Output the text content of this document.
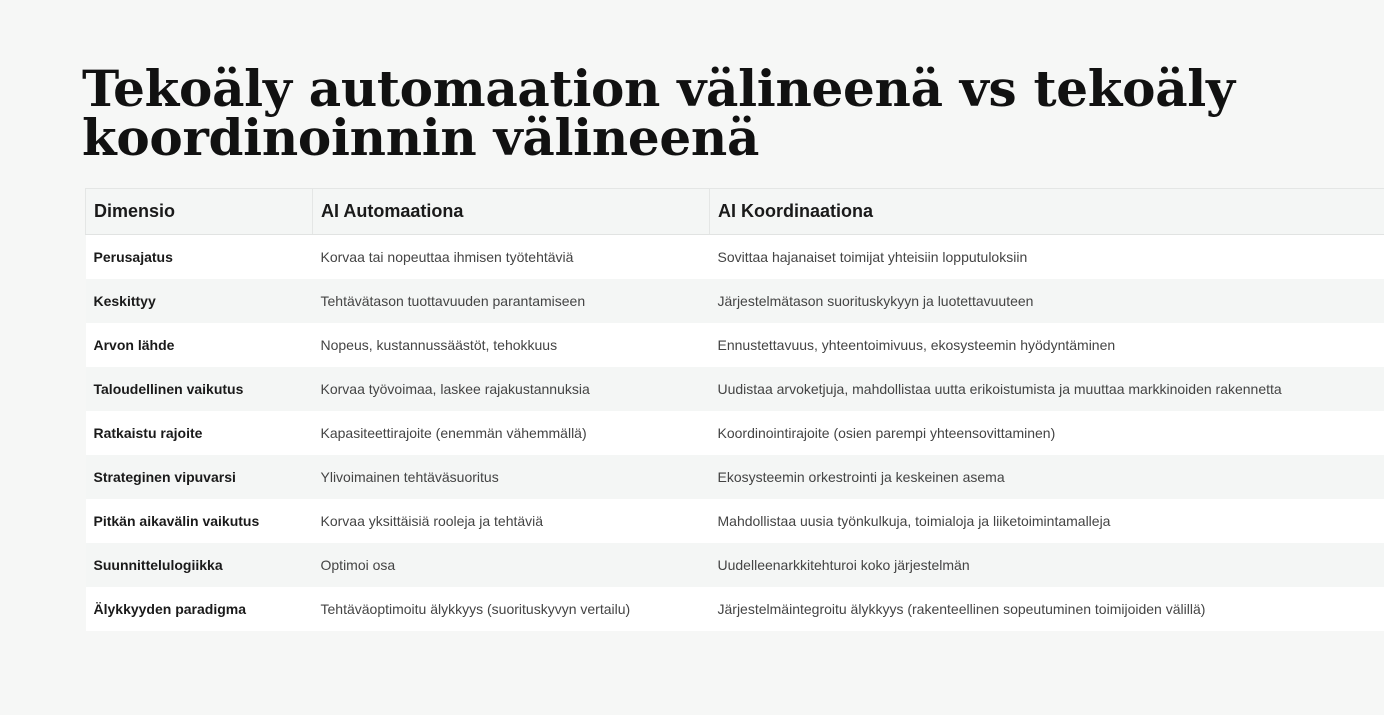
Tekoäly automaation välineenä vs tekoäly koordinoinnin välineenä
Dimensio	AI Automaationa	AI Koordinaationa
Perusajatus	Korvaa tai nopeuttaa ihmisen työtehtäviä	Sovittaa hajanaiset toimijat yhteisiin lopputuloksiin
Keskittyy	Tehtävätason tuottavuuden parantamiseen	Järjestelmätason suorituskykyyn ja luotettavuuteen
Arvon lähde	Nopeus, kustannussäästöt, tehokkuus	Ennustettavuus, yhteentoimivuus, ekosysteemin hyödyntäminen
Taloudellinen vaikutus	Korvaa työvoimaa, laskee rajakustannuksia	Uudistaa arvoketjuja, mahdollistaa uutta erikoistumista ja muuttaa markkinoiden rakennetta
Ratkaistu rajoite	Kapasiteettirajoite (enemmän vähemmällä)	Koordinointirajoite (osien parempi yhteensovittaminen)
Strateginen vipuvarsi	Ylivoimainen tehtäväsuoritus	Ekosysteemin orkestrointi ja keskeinen asema
Pitkän aikavälin vaikutus	Korvaa yksittäisiä rooleja ja tehtäviä	Mahdollistaa uusia työnkulkuja, toimialoja ja liiketoimintamalleja
Suunnittelulogiikka	Optimoi osa	Uudelleenarkkitehturoi koko järjestelmän
Älykkyyden paradigma	Tehtäväoptimoitu älykkyys (suorituskyvyn vertailu)	Järjestelmäintegroitu älykkyys (rakenteellinen sopeutuminen toimijoiden välillä)
